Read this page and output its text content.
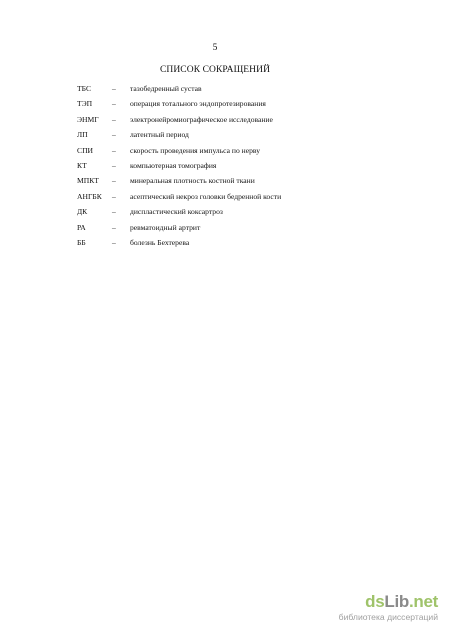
5
СПИСОК СОКРАЩЕНИЙ
ТБС	– тазобедренный сустав
ТЭП	– операция тотального эндопротезирования
ЭНМГ – электронейромиографическое исследование
ЛП	– латентный период
СПИ – скорость проведения импульса по нерву
КТ	– компьютерная томография
МПКТ – минеральная плотность костной ткани
АНГБК – асептический некроз головки бедренной кости
ДК	– диспластический коксартроз
РА	– ревматоидный артрит
ББ	– болезнь Бехтерева
dsLib.net
библиотека диссертаций
